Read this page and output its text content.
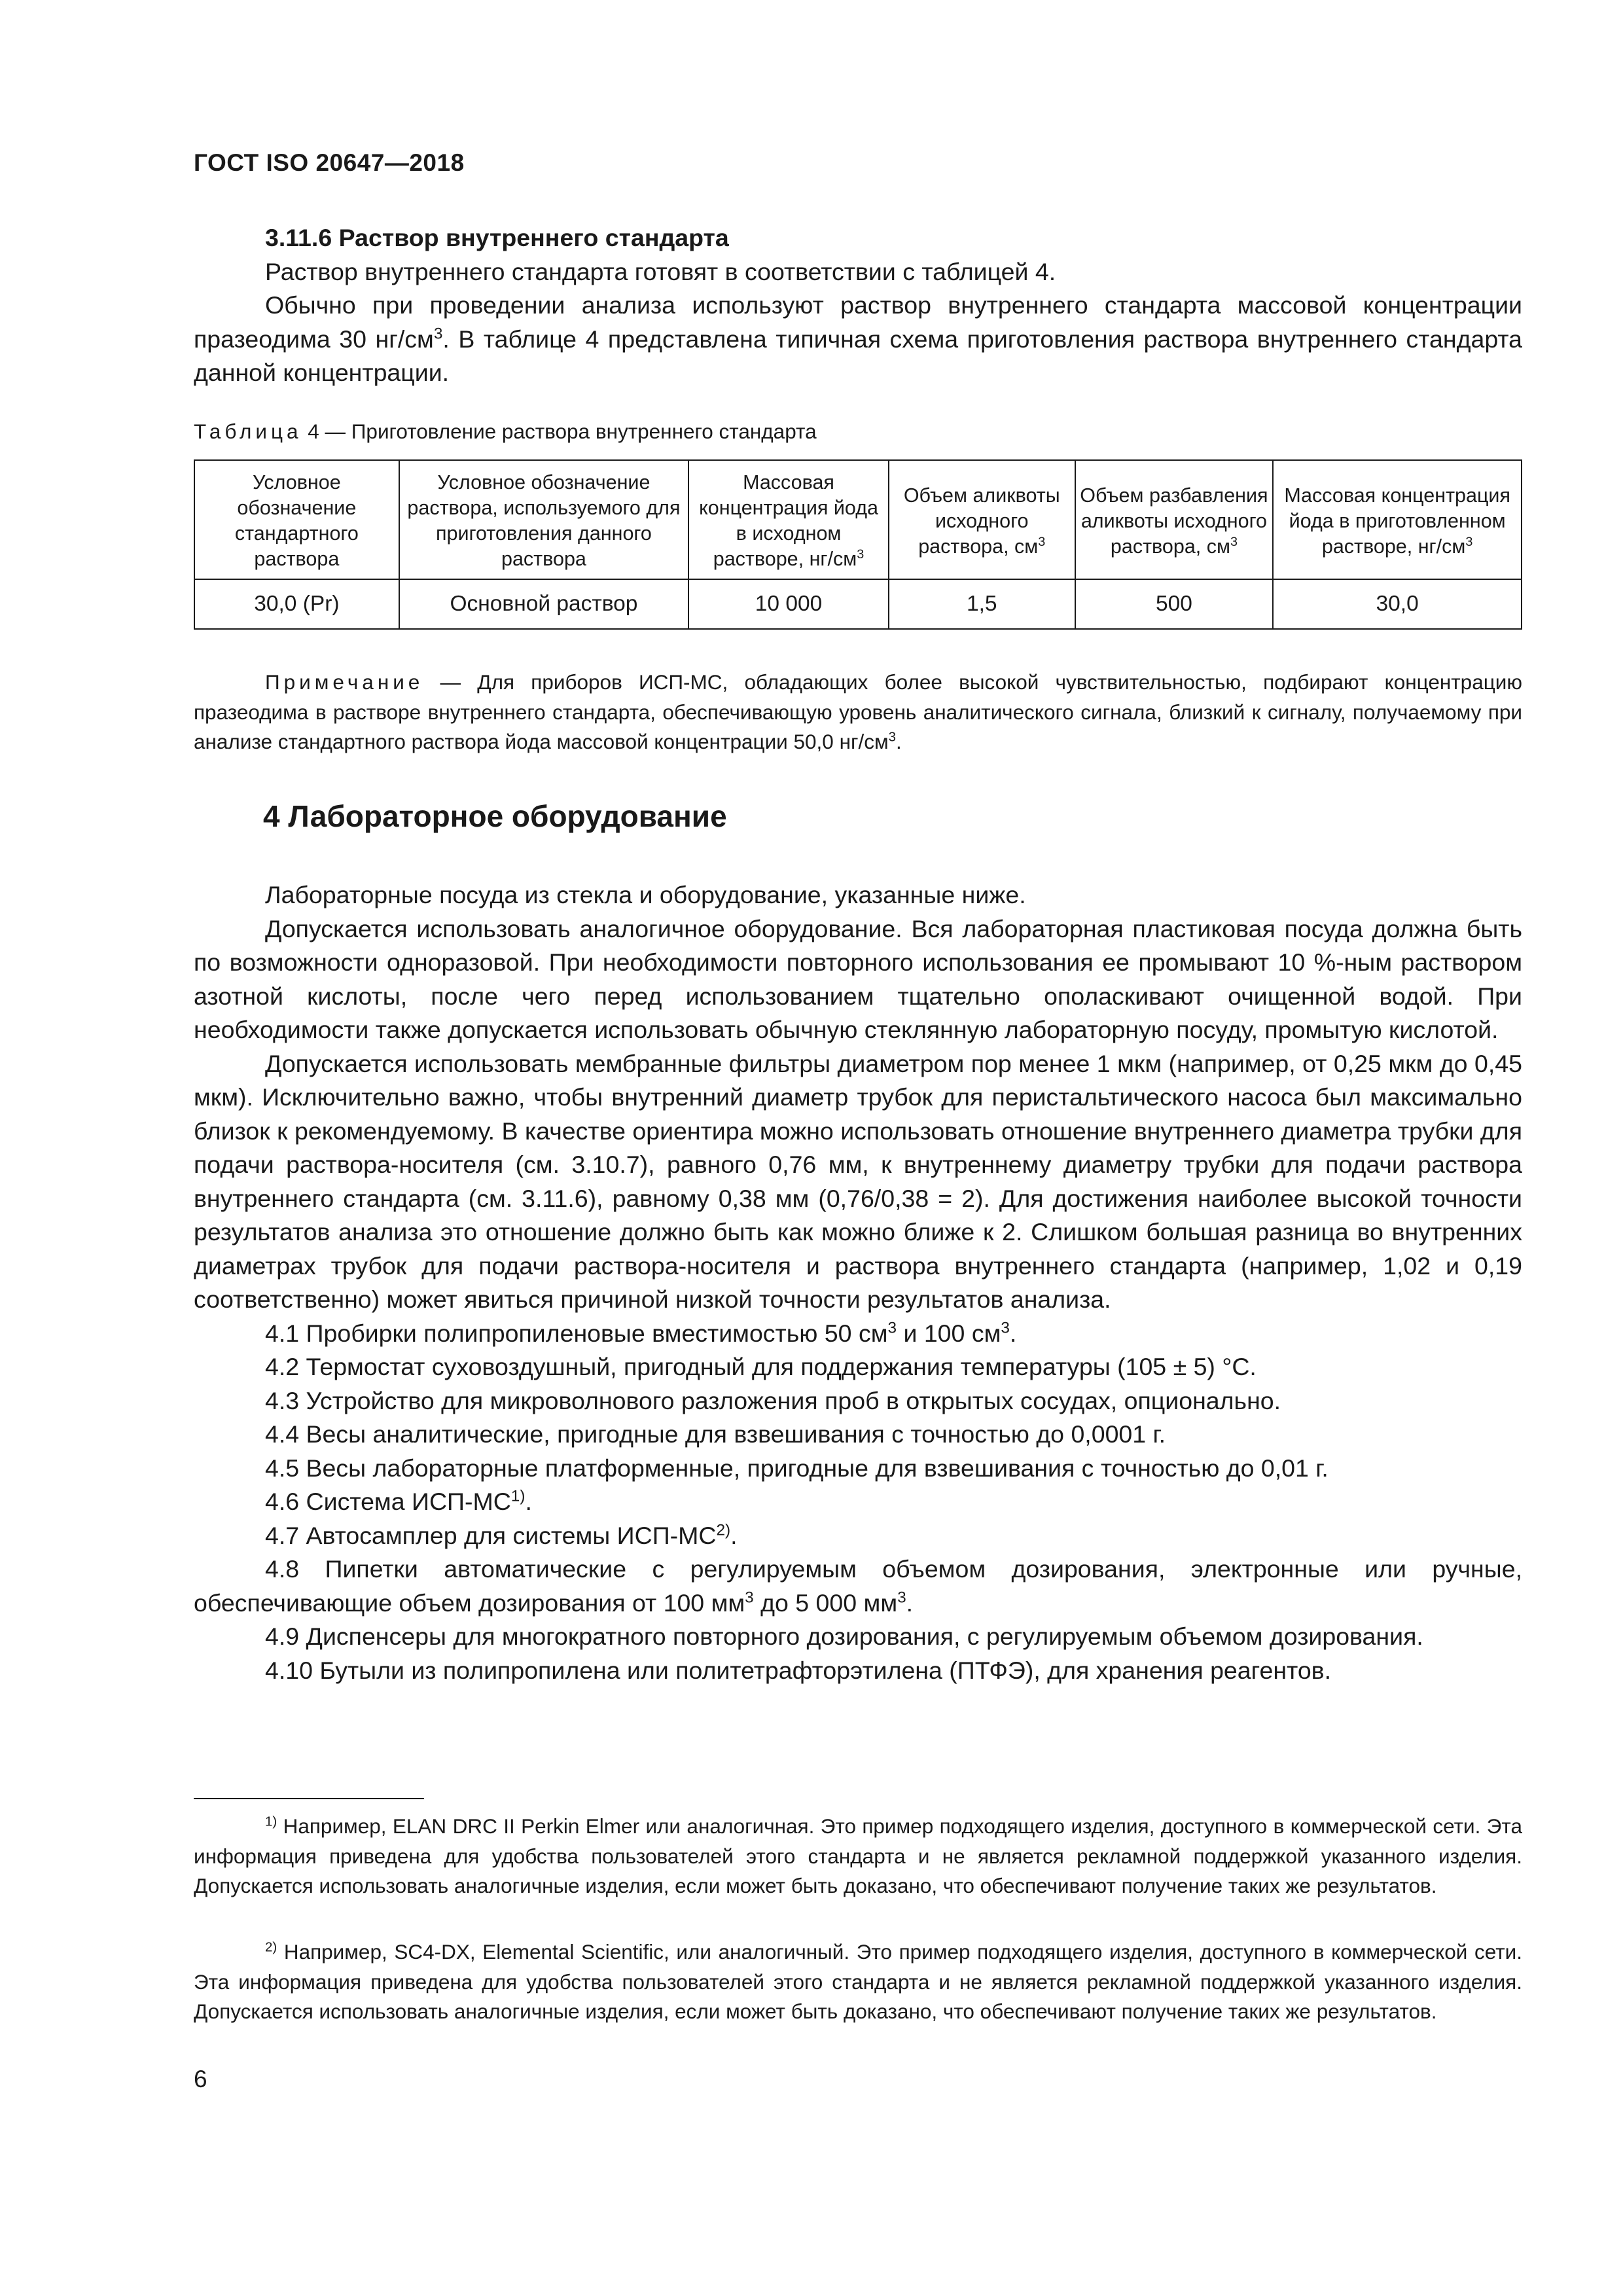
ГОСТ ISO 20647—2018

3.11.6 Раствор внутреннего стандарта

Раствор внутреннего стандарта готовят в соответствии с таблицей 4.

Обычно при проведении анализа используют раствор внутреннего стандарта массовой концентрации празеодима 30 $нг/см^3$. В таблице 4 представлена типичная схема приготовления раствора внутреннего стандарта данной концентрации.

Таблица 4 — Приготовление раствора внутреннего стандарта
Условное обозначение стандартного раствора	Условное обозначение раствора, используемого для приготовления данного раствора	Массовая концентрация йода в исходном растворе, $нг/см^3$	Объем аликвоты исходного раствора, $см^3$	Объем разбавления аликвоты исходного раствора, $см^3$	Массовая концентрация йода в приготовленном растворе, $нг/см^3$
30,0 (Pr)	Основной раствор	10 000	1,5	500	30,0

Примечание — Для приборов ИСП-МС, обладающих более высокой чувствительностью, подбирают концентрацию празеодима в растворе внутреннего стандарта, обеспечивающую уровень аналитического сигнала, близкий к сигналу, получаемому при анализе стандартного раствора йода массовой концентрации 50,0 $нг/см^3$.

4 Лабораторное оборудование

Лабораторные посуда из стекла и оборудование, указанные ниже.

Допускается использовать аналогичное оборудование. Вся лабораторная пластиковая посуда должна быть по возможности одноразовой. При необходимости повторного использования ее промывают 10 %-ным раствором азотной кислоты, после чего перед использованием тщательно ополаскивают очищенной водой. При необходимости также допускается использовать обычную стеклянную лабораторную посуду, промытую кислотой.

Допускается использовать мембранные фильтры диаметром пор менее 1 мкм (например, от 0,25 мкм до 0,45 мкм). Исключительно важно, чтобы внутренний диаметр трубок для перистальтического насоса был максимально близок к рекомендуемому. В качестве ориентира можно использовать отношение внутреннего диаметра трубки для подачи раствора-носителя (см. 3.10.7), равного 0,76 мм, к внутреннему диаметру трубки для подачи раствора внутреннего стандарта (см. 3.11.6), равному 0,38 мм (0,76/0,38 = 2). Для достижения наиболее высокой точности результатов анализа это отношение должно быть как можно ближе к 2. Слишком большая разница во внутренних диаметрах трубок для подачи раствора-носителя и раствора внутреннего стандарта (например, 1,02 и 0,19 соответственно) может явиться причиной низкой точности результатов анализа.

4.1 Пробирки полипропиленовые вместимостью 50 $см^3$ и 100 $см^3$.

4.2 Термостат суховоздушный, пригодный для поддержания температуры (105 ± 5) °С.

4.3 Устройство для микроволнового разложения проб в открытых сосудах, опционально.

4.4 Весы аналитические, пригодные для взвешивания с точностью до 0,0001 г.

4.5 Весы лабораторные платформенные, пригодные для взвешивания с точностью до 0,01 г.

4.6 Система ИСП-МС$^{1)}$.

4.7 Автосамплер для системы ИСП-МС$^{2)}$.

4.8 Пипетки автоматические с регулируемым объемом дозирования, электронные или ручные, обеспечивающие объем дозирования от 100 $мм^3$ до 5 000 $мм^3$.

4.9 Диспенсеры для многократного повторного дозирования, с регулируемым объемом дозирования.

4.10 Бутыли из полипропилена или политетрафторэтилена (ПТФЭ), для хранения реагентов.

$^{1)}$ Например, ELAN DRC II Perkin Elmer или аналогичная. Это пример подходящего изделия, доступного в коммерческой сети. Эта информация приведена для удобства пользователей этого стандарта и не является рекламной поддержкой указанного изделия. Допускается использовать аналогичные изделия, если может быть доказано, что обеспечивают получение таких же результатов.

$^{2)}$ Например, SC4-DX, Elemental Scientific, или аналогичный. Это пример подходящего изделия, доступного в коммерческой сети. Эта информация приведена для удобства пользователей этого стандарта и не является рекламной поддержкой указанного изделия. Допускается использовать аналогичные изделия, если может быть доказано, что обеспечивают получение таких же результатов.

6
